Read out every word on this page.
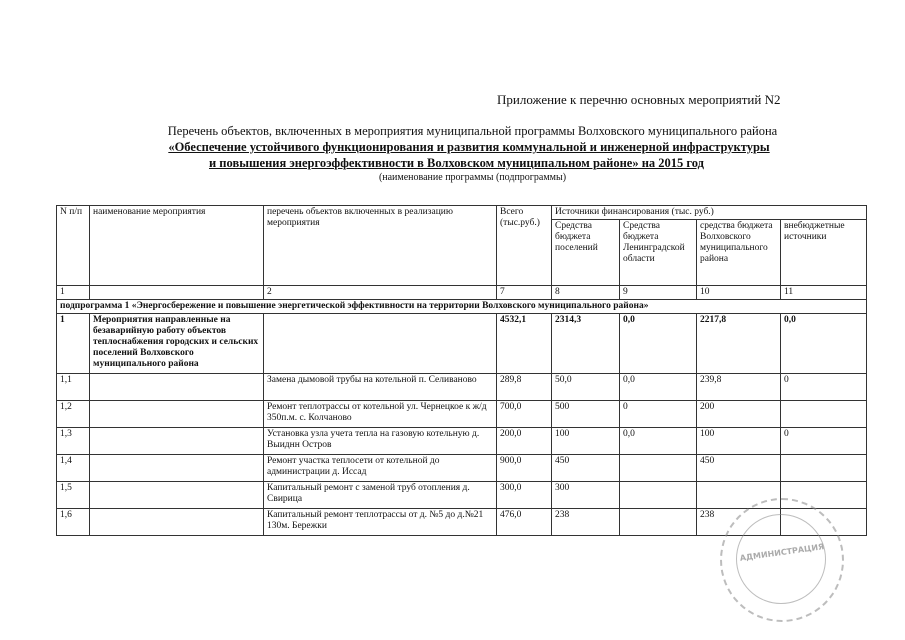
Приложение к перечню основных мероприятий N2
Перечень объектов, включенных в мероприятия муниципальной программы Волховского муниципального района
«Обеспечение устойчивого функционирования и развития коммунальной и инженерной инфраструктуры
и повышения энергоэффективности в Волховском муниципальном районе» на 2015 год
(наименование программы (подпрограммы)
N п/п	наименование мероприятия	перечень объектов включенных в реализацию мероприятия	Всего (тыс.руб.)	Источники финансирования (тыс. руб.)			
				Средства бюджета поселений	Средства бюджета Ленинградской области	средства бюджета Волховского муниципального района	внебюджетные источники
1		2	7	8	9	10	11
подпрограмма 1 «Энергосбережение и повышение энергетической эффективности на территории Волховского муниципального района»							
1	Мероприятия направленные на безаварийную работу объектов теплоснабжения городских и сельских поселений Волховского муниципального района		4532,1	2314,3	0,0	2217,8	0,0
1,1		Замена дымовой трубы на котельной п. Селиваново	289,8	50,0	0,0	239,8	0
1,2		Ремонт теплотрассы от котельной ул. Чернецкое к ж/д 350п.м. с. Колчаново	700,0	500	0	200	
1,3		Установка узла учета тепла на газовую котельную д. Выиднн Остров	200,0	100	0,0	100	0
1,4		Ремонт участка теплосети от котельной до администрации д. Иссад	900,0	450		450	
1,5		Капитальный ремонт с заменой труб отопления д. Свирица	300,0	300			
1,6		Капитальный ремонт теплотрассы от д. №5 до д.№21 130м. Бережки	476,0	238		238	
АДМИНИСТРАЦИЯ
